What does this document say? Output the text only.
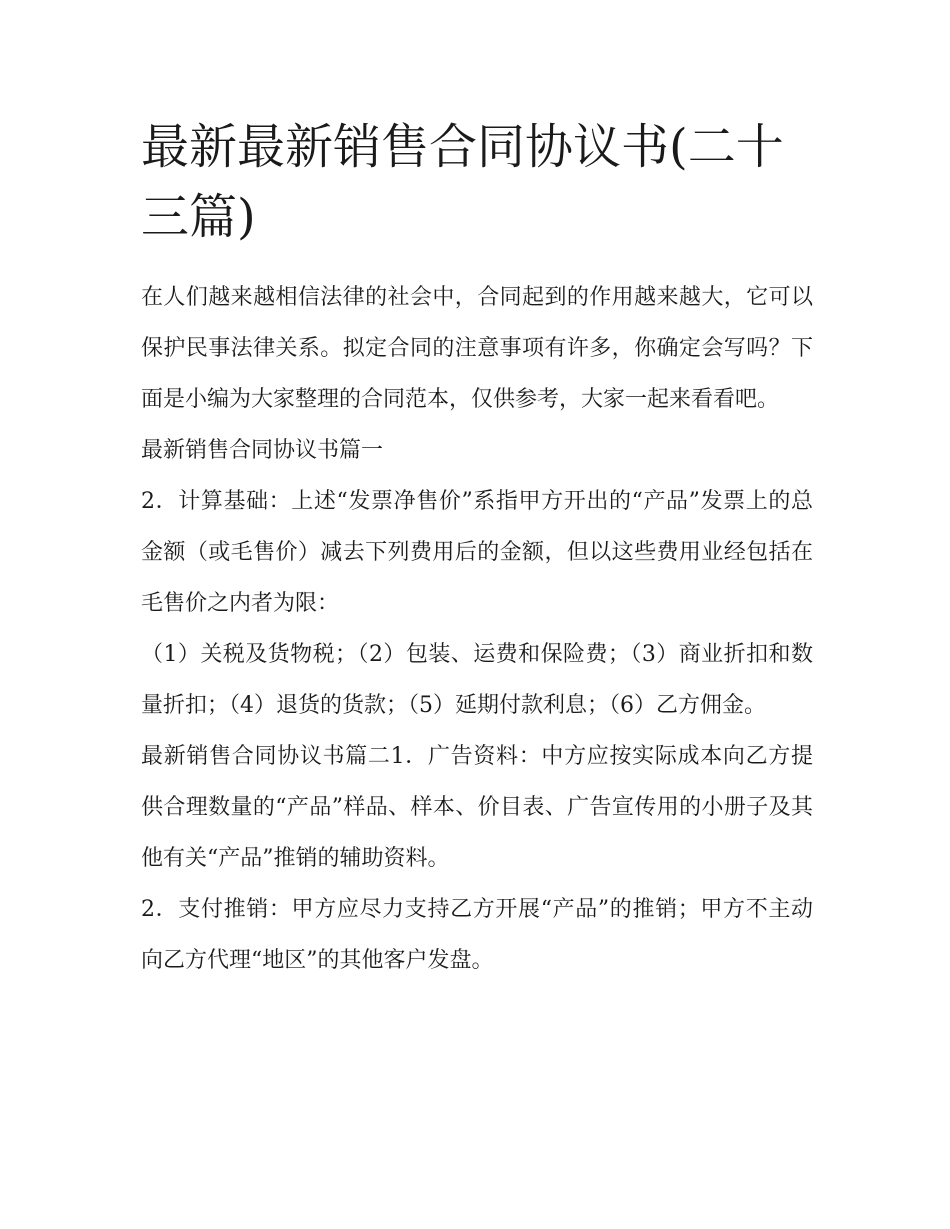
最新最新销售合同协议书(二十三篇)

在人们越来越相信法律的社会中，合同起到的作用越来越大，它可以保护民事法律关系。拟定合同的注意事项有许多，你确定会写吗？下面是小编为大家整理的合同范本，仅供参考，大家一起来看看吧。

最新销售合同协议书篇一

2．计算基础：上述“发票净售价”系指甲方开出的“产品”发票上的总金额（或毛售价）减去下列费用后的金额，但以这些费用业经包括在毛售价之内者为限：

（1）关税及货物税；（2）包装、运费和保险费；（3）商业折扣和数量折扣；（4）退货的货款；（5）延期付款利息；（6）乙方佣金。

最新销售合同协议书篇二1．广告资料：中方应按实际成本向乙方提供合理数量的“产品”样品、样本、价目表、广告宣传用的小册子及其他有关“产品”推销的辅助资料。

2．支付推销：甲方应尽力支持乙方开展“产品”的推销；甲方不主动向乙方代理“地区”的其他客户发盘。
